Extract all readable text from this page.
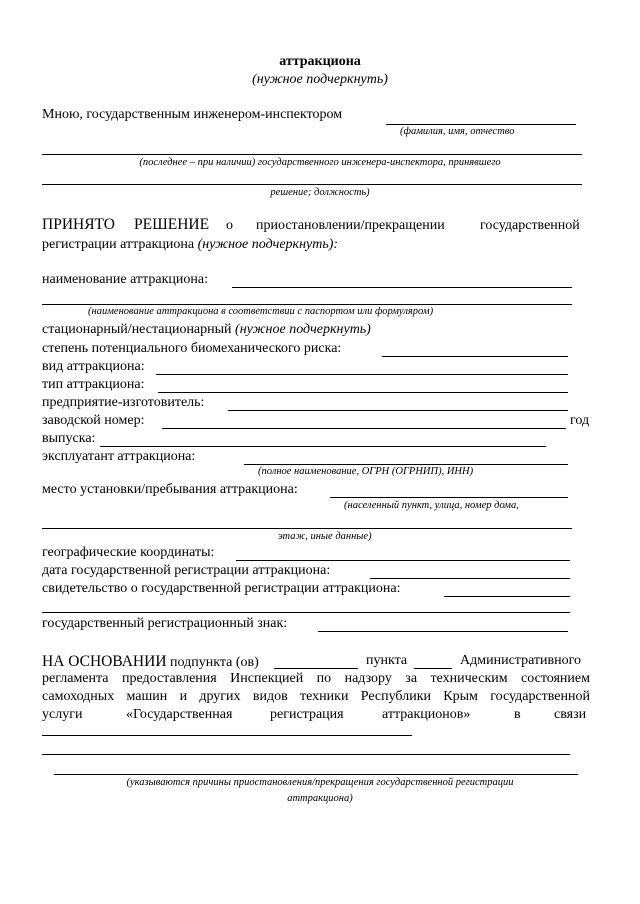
аттракциона
(нужное подчеркнуть)
Мною, государственным инженером-инспектором
(фамилия, имя, отчество
(последнее – при наличии) государственного инженера-инспектора, принявшего
решение; должность)
ПРИНЯТО РЕШЕНИЕ о приостановлении/прекращении	государственной
регистрации аттракциона (нужное подчеркнуть):
наименование аттракциона:
(наименование аттракциона в соответствии с паспортом или формуляром)
стационарный/нестационарный (нужное подчеркнуть)
степень потенциального биомеханического риска:
вид аттракциона:
тип аттракциона:
предприятие-изготовитель:
заводской номер:	год
выпуска:
эксплуатант аттракциона:
(полное наименование, ОГРН (ОГРНИП), ИНН)
место установки/пребывания аттракциона:
(населенный пункт, улица, номер дома,
этаж, иные данные)
географические координаты:
дата государственной регистрации аттракциона:
свидетельство о государственной регистрации аттракциона:
государственный регистрационный знак:
НА ОСНОВАНИИ подпункта (ов)	пункта	Административного
регламента предоставления Инспекцией по надзору за техническим состоянием
самоходных машин и других видов техники Республики Крым государственной
услуги	«Государственная	регистрация	аттракционов»	в связи
(указываются причины приостановления/прекращения государственной регистрации
аттракциона)
